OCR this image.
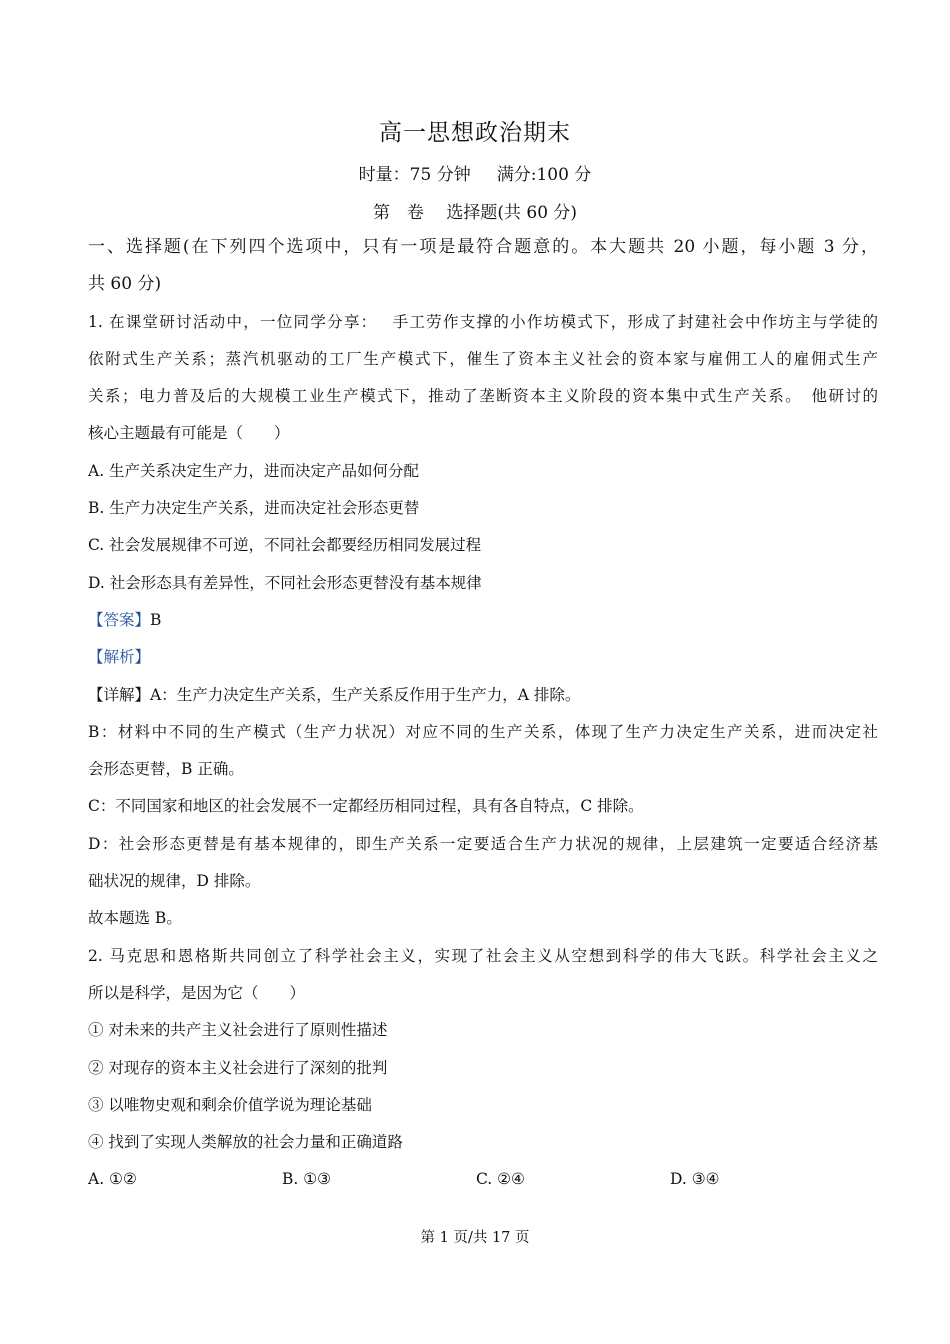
高一思想政治期末
时量：75 分钟 满分:100 分
第　卷　 选择题(共 60 分)
一、选择题(在下列四个选项中，只有一项是最符合题意的。本大题共 20 小题，每小题 3 分，
共 60 分)
1. 在课堂研讨活动中，一位同学分享：　 手工劳作支撑的小作坊模式下，形成了封建社会中作坊主与学徒的
依附式生产关系；蒸汽机驱动的工厂生产模式下，催生了资本主义社会的资本家与雇佣工人的雇佣式生产
关系；电力普及后的大规模工业生产模式下，推动了垄断资本主义阶段的资本集中式生产关系。　他研讨的
核心主题最有可能是（　　）
A. 生产关系决定生产力，进而决定产品如何分配
B. 生产力决定生产关系，进而决定社会形态更替
C. 社会发展规律不可逆，不同社会都要经历相同发展过程
D. 社会形态具有差异性，不同社会形态更替没有基本规律
【答案】B
【解析】
【详解】A：生产力决定生产关系，生产关系反作用于生产力，A 排除。
B：材料中不同的生产模式（生产力状况）对应不同的生产关系，体现了生产力决定生产关系，进而决定社
会形态更替，B 正确。
C：不同国家和地区的社会发展不一定都经历相同过程，具有各自特点，C 排除。
D：社会形态更替是有基本规律的，即生产关系一定要适合生产力状况的规律，上层建筑一定要适合经济基
础状况的规律，D 排除。
故本题选 B。
2. 马克思和恩格斯共同创立了科学社会主义，实现了社会主义从空想到科学的伟大飞跃。科学社会主义之
所以是科学，是因为它（　　）
① 对未来的共产主义社会进行了原则性描述
② 对现存的资本主义社会进行了深刻的批判
③ 以唯物史观和剩余价值学说为理论基础
④ 找到了实现人类解放的社会力量和正确道路
A. ①②	B. ①③	C. ②④	D. ③④
第 1 页/共 17 页
